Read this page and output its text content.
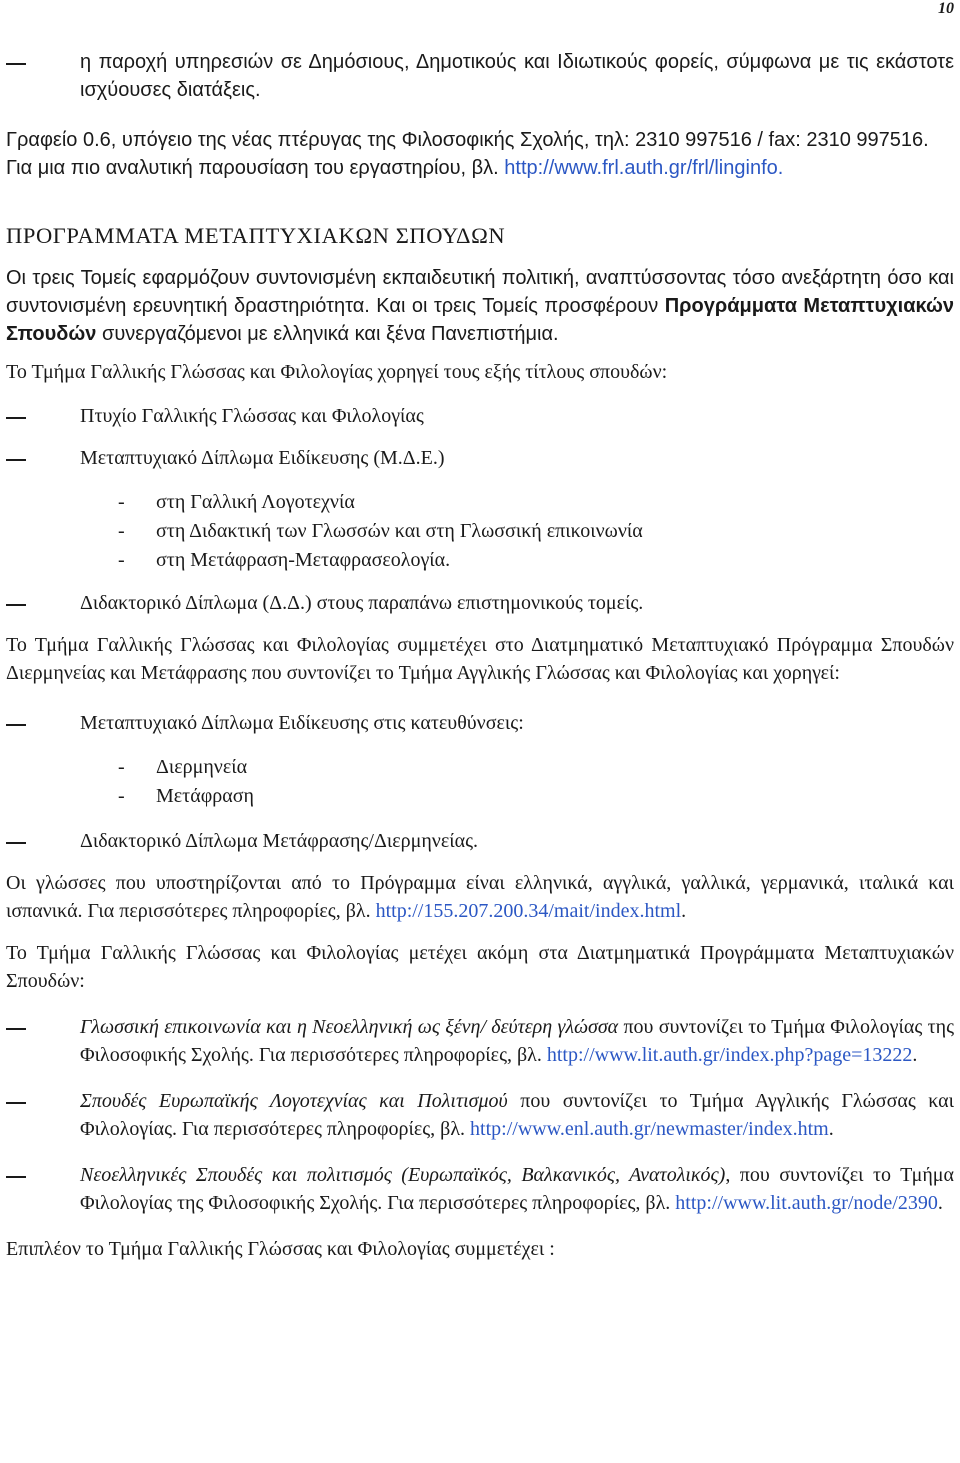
10
η παροχή υπηρεσιών σε Δημόσιους, Δημοτικούς και Ιδιωτικούς φορείς, σύμφωνα με τις εκάστοτε ισχύουσες διατάξεις.

Γραφείο 0.6, υπόγειο της νέας πτέρυγας της Φιλοσοφικής Σχολής, τηλ: 2310 997516 / fax: 2310 997516. Για μια πιο αναλυτική παρουσίαση του εργαστηρίου, βλ. http://www.frl.auth.gr/frl/linginfo.

ΠΡΟΓΡΑΜΜΑΤΑ ΜΕΤΑΠΤΥΧΙΑΚΩΝ ΣΠΟΥΔΩΝ

Οι τρεις Τομείς εφαρμόζουν συντονισμένη εκπαιδευτική πολιτική, αναπτύσσοντας τόσο ανεξάρτητη όσο και συντονισμένη ερευνητική δραστηριότητα. Και οι τρεις Τομείς προσφέρουν Προγράμματα Μεταπτυχιακών Σπουδών συνεργαζόμενοι με ελληνικά και ξένα Πανεπιστήμια.

Το Τμήμα Γαλλικής Γλώσσας και Φιλολογίας χορηγεί τους εξής τίτλους σπουδών:

Πτυχίο Γαλλικής Γλώσσας και Φιλολογίας
Μεταπτυχιακό Δίπλωμα Ειδίκευσης (Μ.Δ.Ε.)
- στη Γαλλική Λογοτεχνία
- στη Διδακτική των Γλωσσών και στη Γλωσσική επικοινωνία
- στη Μετάφραση-Μεταφρασεολογία.
Διδακτορικό Δίπλωμα (Δ.Δ.) στους παραπάνω επιστημονικούς τομείς.

Το Τμήμα Γαλλικής Γλώσσας και Φιλολογίας συμμετέχει στο Διατμηματικό Μεταπτυχιακό Πρόγραμμα Σπουδών Διερμηνείας και Μετάφρασης που συντονίζει το Τμήμα Αγγλικής Γλώσσας και Φιλολογίας και χορηγεί:

Μεταπτυχιακό Δίπλωμα Ειδίκευσης στις κατευθύνσεις:
- Διερμηνεία
- Μετάφραση
Διδακτορικό Δίπλωμα Μετάφρασης/Διερμηνείας.

Οι γλώσσες που υποστηρίζονται από το Πρόγραμμα είναι ελληνικά, αγγλικά, γαλλικά, γερμανικά, ιταλικά και ισπανικά. Για περισσότερες πληροφορίες, βλ. http://155.207.200.34/mait/index.html.

Το Τμήμα Γαλλικής Γλώσσας και Φιλολογίας μετέχει ακόμη στα Διατμηματικά Προγράμματα Μεταπτυχιακών Σπουδών:

Γλωσσική επικοινωνία και η Νεοελληνική ως ξένη/ δεύτερη γλώσσα που συντονίζει το Τμήμα Φιλολογίας της Φιλοσοφικής Σχολής. Για περισσότερες πληροφορίες, βλ. http://www.lit.auth.gr/index.php?page=13222.
Σπουδές Ευρωπαϊκής Λογοτεχνίας και Πολιτισμού που συντονίζει το Τμήμα Αγγλικής Γλώσσας και Φιλολογίας. Για περισσότερες πληροφορίες, βλ. http://www.enl.auth.gr/newmaster/index.htm.
Νεοελληνικές Σπουδές και πολιτισμός (Ευρωπαϊκός, Βαλκανικός, Ανατολικός), που συντονίζει το Τμήμα Φιλολογίας της Φιλοσοφικής Σχολής. Για περισσότερες πληροφορίες, βλ. http://www.lit.auth.gr/node/2390.

Επιπλέον το Τμήμα Γαλλικής Γλώσσας και Φιλολογίας συμμετέχει :
